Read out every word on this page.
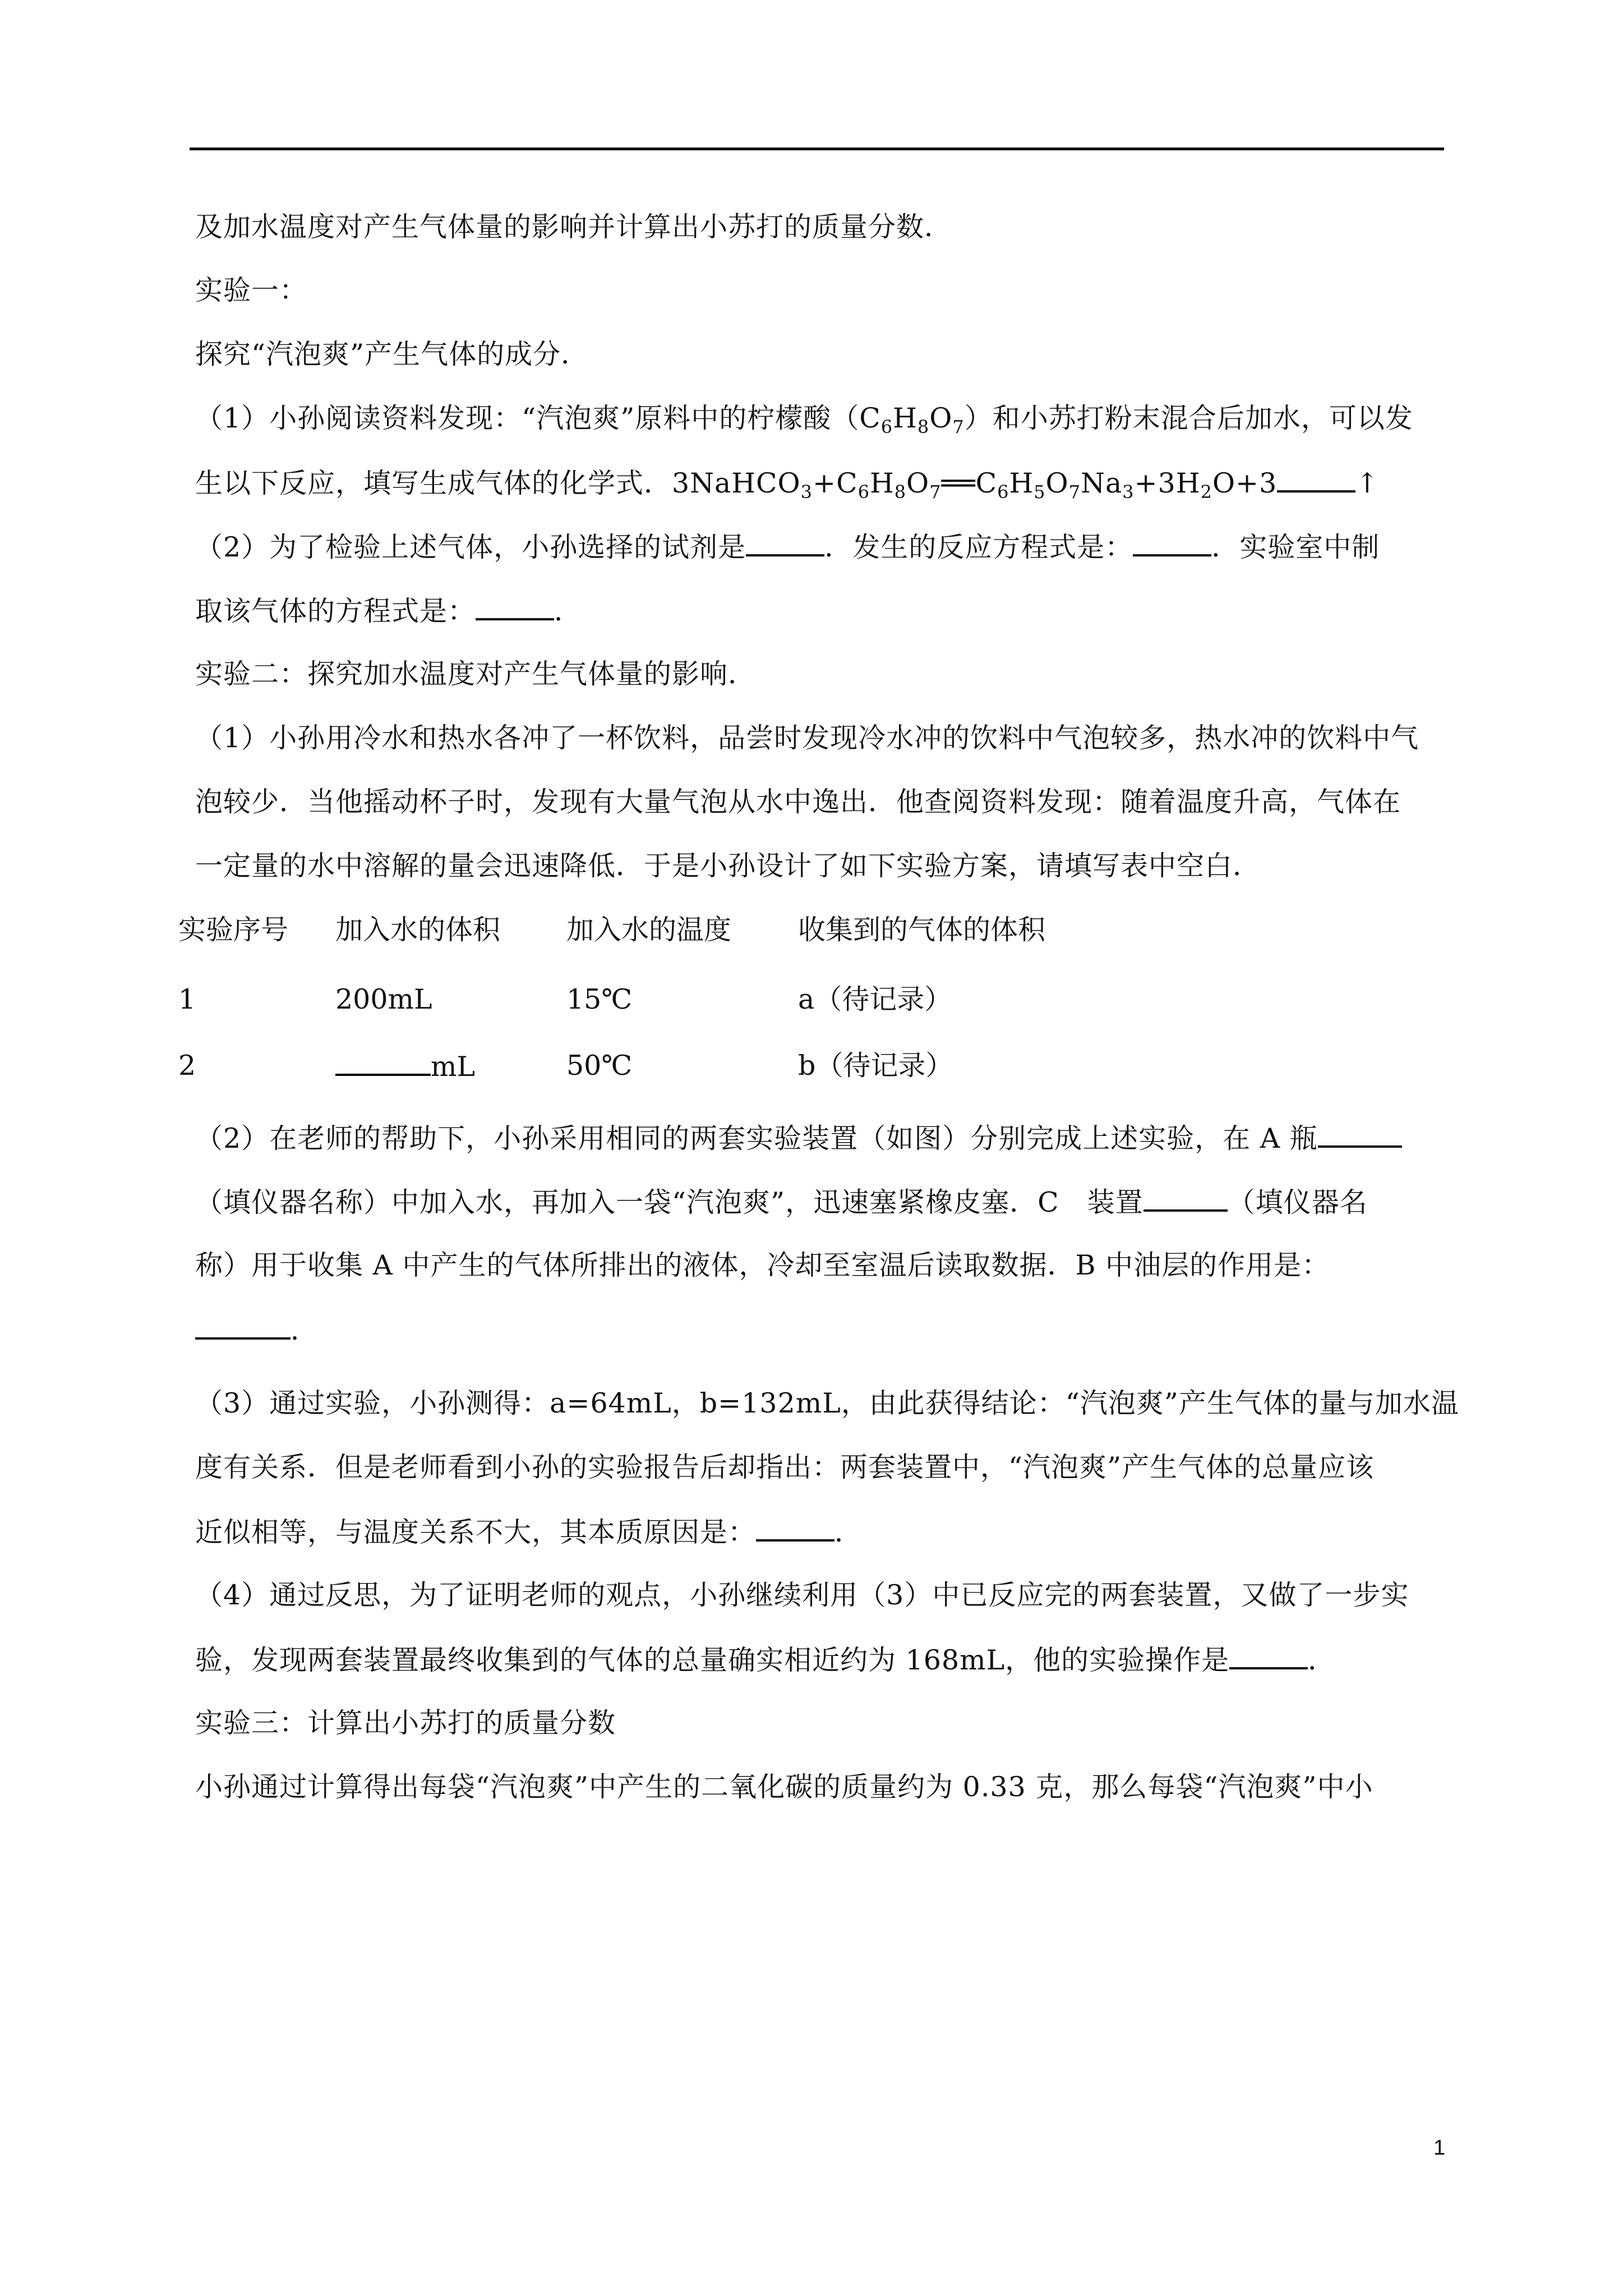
及加水温度对产生气体量的影响并计算出小苏打的质量分数．
实验一：
探究“汽泡爽”产生气体的成分．
（1）小孙阅读资料发现：“汽泡爽”原料中的柠檬酸$(C_6H_8O_7)$和小苏打粉末混合后加水，可以发
生以下反应，填写生成气体的化学式．$3NaHCO_3+C_6H_8O_7══C_6H_5O_7Na_3+3H_2O+3$	↑
（2）为了检验上述气体，小孙选择的试剂是	．发生的反应方程式是：	．实验室中制
取该气体的方程式是：	．
实验二：探究加水温度对产生气体量的影响．
（1）小孙用冷水和热水各冲了一杯饮料，品尝时发现冷水冲的饮料中气泡较多，热水冲的饮料中气
泡较少．当他摇动杯子时，发现有大量气泡从水中逸出．他查阅资料发现：随着温度升高，气体在
一定量的水中溶解的量会迅速降低．于是小孙设计了如下实验方案，请填写表中空白．
实验序号 加入水的体积 加入水的温度 收集到的气体的体积
1	200mL	15℃	a（待记录）
2	mL	50℃	b（待记录）
（2）在老师的帮助下，小孙采用相同的两套实验装置（如图）分别完成上述实验，在 A 瓶
（填仪器名称）中加入水，再加入一袋“汽泡爽”，迅速塞紧橡皮塞．C　装置	（填仪器名
称）用于收集 A 中产生的气体所排出的液体，冷却至室温后读取数据．B 中油层的作用是：
．
（3）通过实验，小孙测得：a=64mL，b=132mL，由此获得结论：“汽泡爽”产生气体的量与加水温
度有关系．但是老师看到小孙的实验报告后却指出：两套装置中，“汽泡爽”产生气体的总量应该
近似相等，与温度关系不大，其本质原因是：	．
（4）通过反思，为了证明老师的观点，小孙继续利用（3）中已反应完的两套装置，又做了一步实
验，发现两套装置最终收集到的气体的总量确实相近约为 168mL，他的实验操作是	．
实验三：计算出小苏打的质量分数
小孙通过计算得出每袋“汽泡爽”中产生的二氧化碳的质量约为 0.33 克，那么每袋“汽泡爽”中小
1
